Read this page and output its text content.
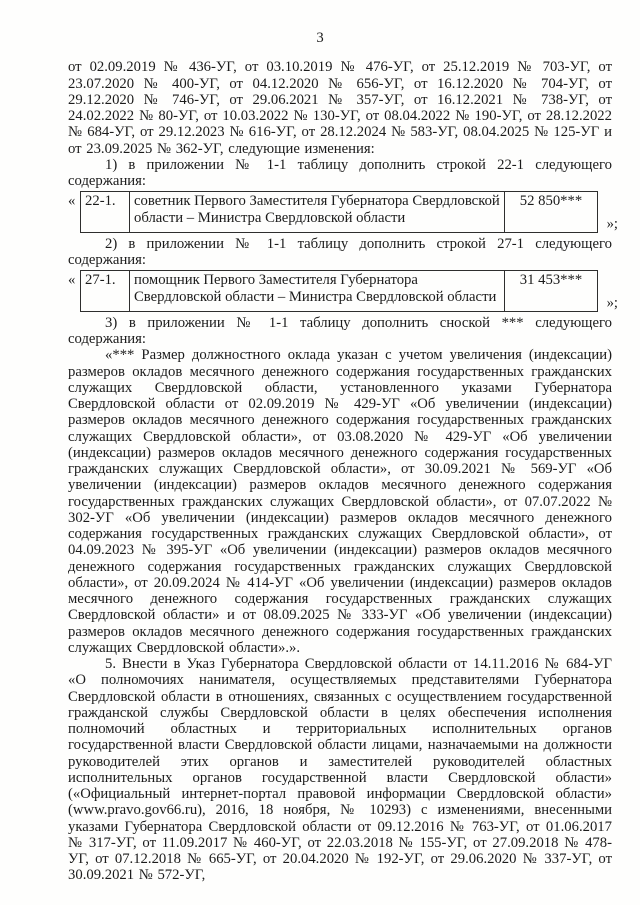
3

от 02.09.2019 № 436-УГ, от 03.10.2019 № 476-УГ, от 25.12.2019 № 703-УГ, от 23.07.2020 № 400-УГ, от 04.12.2020 № 656-УГ, от 16.12.2020 № 704-УГ, от 29.12.2020 № 746-УГ, от 29.06.2021 № 357-УГ, от 16.12.2021 № 738-УГ, от 24.02.2022 № 80-УГ, от 10.03.2022 № 130-УГ, от 08.04.2022 № 190-УГ, от 28.12.2022 № 684-УГ, от 29.12.2023 № 616-УГ, от 28.12.2024 № 583-УГ, 08.04.2025 № 125-УГ и от 23.09.2025 № 362-УГ, следующие изменения:

1) в приложении № 1-1 таблицу дополнить строкой 22-1 следующего содержания:

« 22-1.	советник Первого Заместителя Губернатора Свердловской области – Министра Свердловской области	52 850***
»;

2) в приложении № 1-1 таблицу дополнить строкой 27-1 следующего содержания:

« 27-1.	помощник Первого Заместителя Губернатора Свердловской области – Министра Свердловской области	31 453***
»;

3) в приложении № 1-1 таблицу дополнить сноской *** следующего содержания:

«*** Размер должностного оклада указан с учетом увеличения (индексации) размеров окладов месячного денежного содержания государственных гражданских служащих Свердловской области, установленного указами Губернатора Свердловской области от 02.09.2019 № 429-УГ «Об увеличении (индексации) размеров окладов месячного денежного содержания государственных гражданских служащих Свердловской области», от 03.08.2020 № 429-УГ «Об увеличении (индексации) размеров окладов месячного денежного содержания государственных гражданских служащих Свердловской области», от 30.09.2021 № 569-УГ «Об увеличении (индексации) размеров окладов месячного денежного содержания государственных гражданских служащих Свердловской области», от 07.07.2022 № 302-УГ «Об увеличении (индексации) размеров окладов месячного денежного содержания государственных гражданских служащих Свердловской области», от 04.09.2023 № 395-УГ «Об увеличении (индексации) размеров окладов месячного денежного содержания государственных гражданских служащих Свердловской области», от 20.09.2024 № 414-УГ «Об увеличении (индексации) размеров окладов месячного денежного содержания государственных гражданских служащих Свердловской области» и от 08.09.2025 № 333-УГ «Об увеличении (индексации) размеров окладов месячного денежного содержания государственных гражданских служащих Свердловской области».».

5. Внести в Указ Губернатора Свердловской области от 14.11.2016 № 684-УГ «О полномочиях нанимателя, осуществляемых представителями Губернатора Свердловской области в отношениях, связанных с осуществлением государственной гражданской службы Свердловской области в целях обеспечения исполнения полномочий областных и территориальных исполнительных органов государственной власти Свердловской области лицами, назначаемыми на должности руководителей этих органов и заместителей руководителей областных исполнительных органов государственной власти Свердловской области» («Официальный интернет-портал правовой информации Свердловской области» (www.pravo.gov66.ru), 2016, 18 ноября, № 10293) с изменениями, внесенными указами Губернатора Свердловской области от 09.12.2016 № 763-УГ, от 01.06.2017 № 317-УГ, от 11.09.2017 № 460-УГ, от 22.03.2018 № 155-УГ, от 27.09.2018 № 478-УГ, от 07.12.2018 № 665-УГ, от 20.04.2020 № 192-УГ, от 29.06.2020 № 337-УГ, от 30.09.2021 № 572-УГ,
